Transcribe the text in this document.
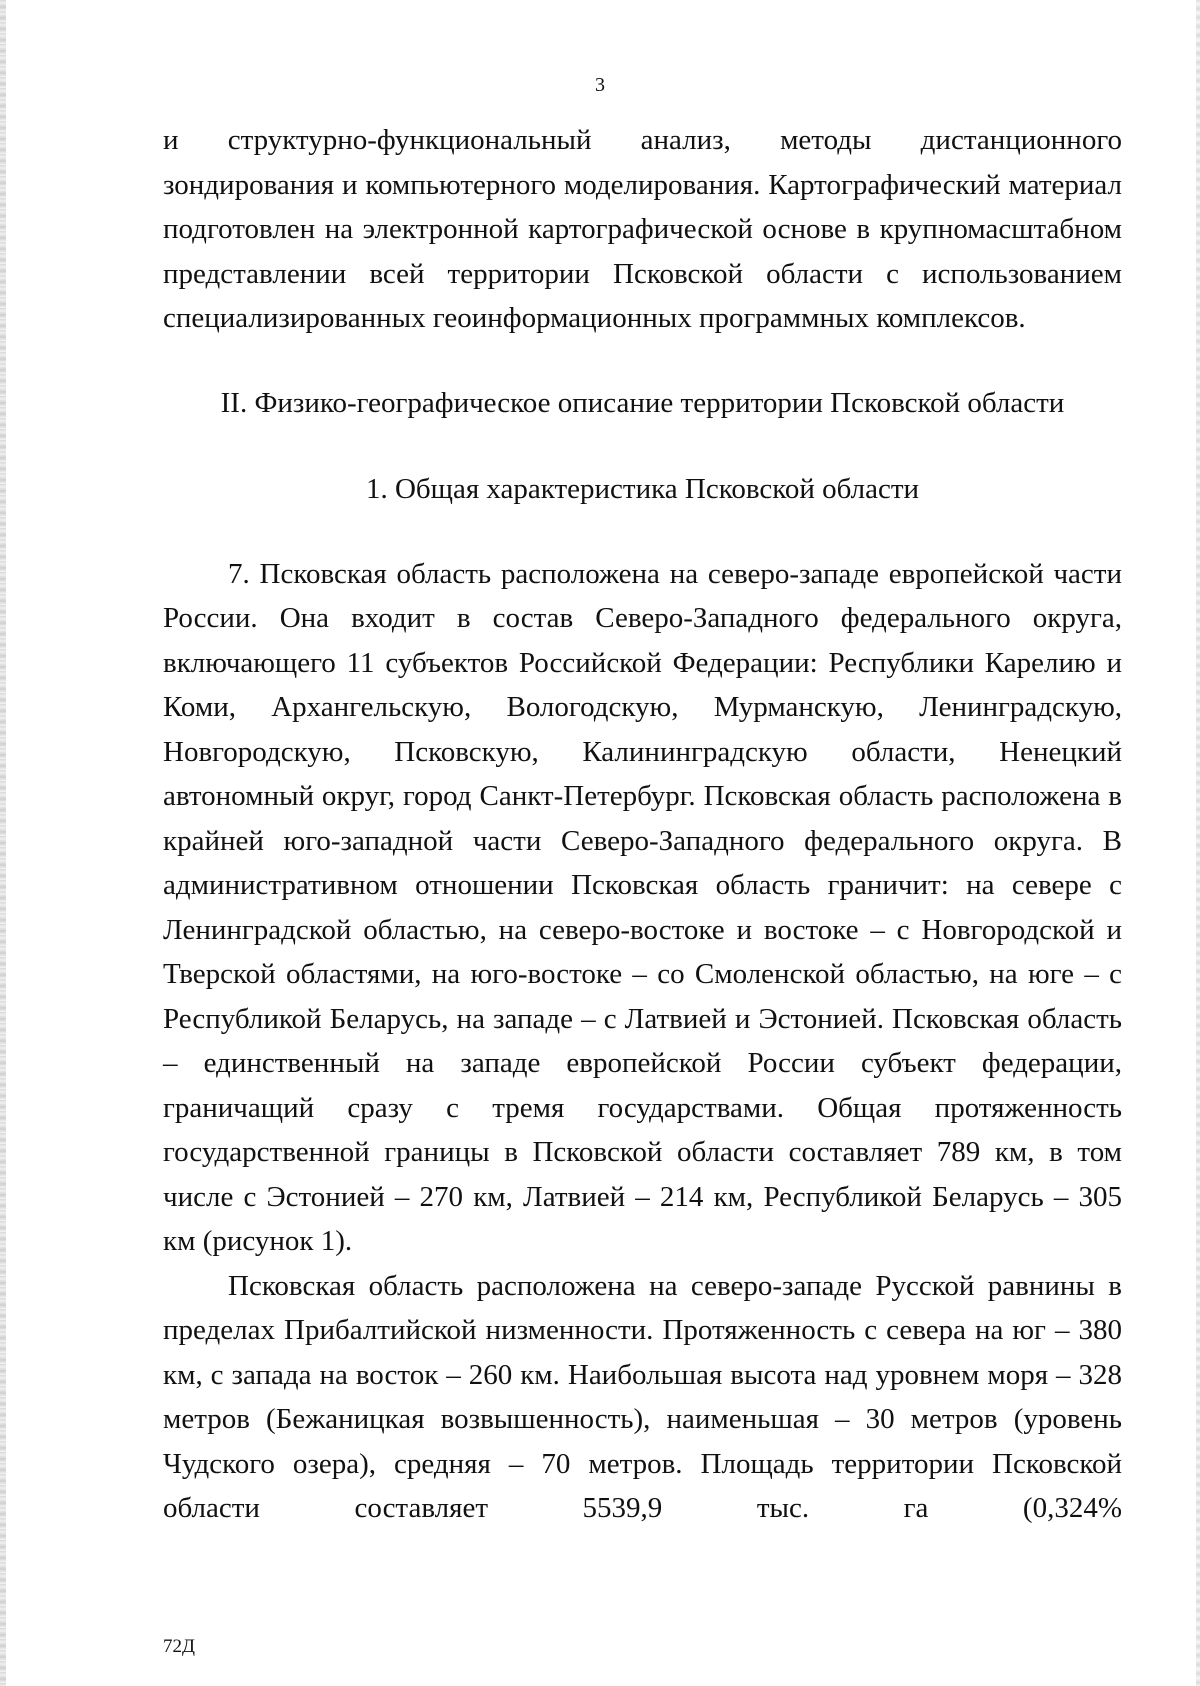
3

и структурно-функциональный анализ, методы дистанционного зондирования и компьютерного моделирования. Картографический материал подготовлен на электронной картографической основе в крупномасштабном представлении всей территории Псковской области с использованием специализированных геоинформационных программных комплексов.

II. Физико-географическое описание территории Псковской области

1. Общая характеристика Псковской области

7. Псковская область расположена на северо-западе европейской части России. Она входит в состав Северо-Западного федерального округа, включающего 11 субъектов Российской Федерации: Республики Карелию и Коми, Архангельскую, Вологодскую, Мурманскую, Ленинградскую, Новгородскую, Псковскую, Калининградскую области, Ненецкий автономный округ, город Санкт-Петербург. Псковская область расположена в крайней юго-западной части Северо-Западного федерального округа. В административном отношении Псковская область граничит: на севере с Ленинградской областью, на северо-востоке и востоке – с Новгородской и Тверской областями, на юго-востоке – со Смоленской областью, на юге – с Республикой Беларусь, на западе – с Латвией и Эстонией. Псковская область – единственный на западе европейской России субъект федерации, граничащий сразу с тремя государствами. Общая протяженность государственной границы в Псковской области составляет 789 км, в том числе с Эстонией – 270 км, Латвией – 214 км, Республикой Беларусь – 305 км (рисунок 1).

Псковская область расположена на северо-западе Русской равнины в пределах Прибалтийской низменности. Протяженность с севера на юг – 380 км, с запада на восток – 260 км. Наибольшая высота над уровнем моря – 328 метров (Бежаницкая возвышенность), наименьшая – 30 метров (уровень Чудского озера), средняя – 70 метров. Площадь территории Псковской области составляет 5539,9 тыс. га (0,324%

72Д
